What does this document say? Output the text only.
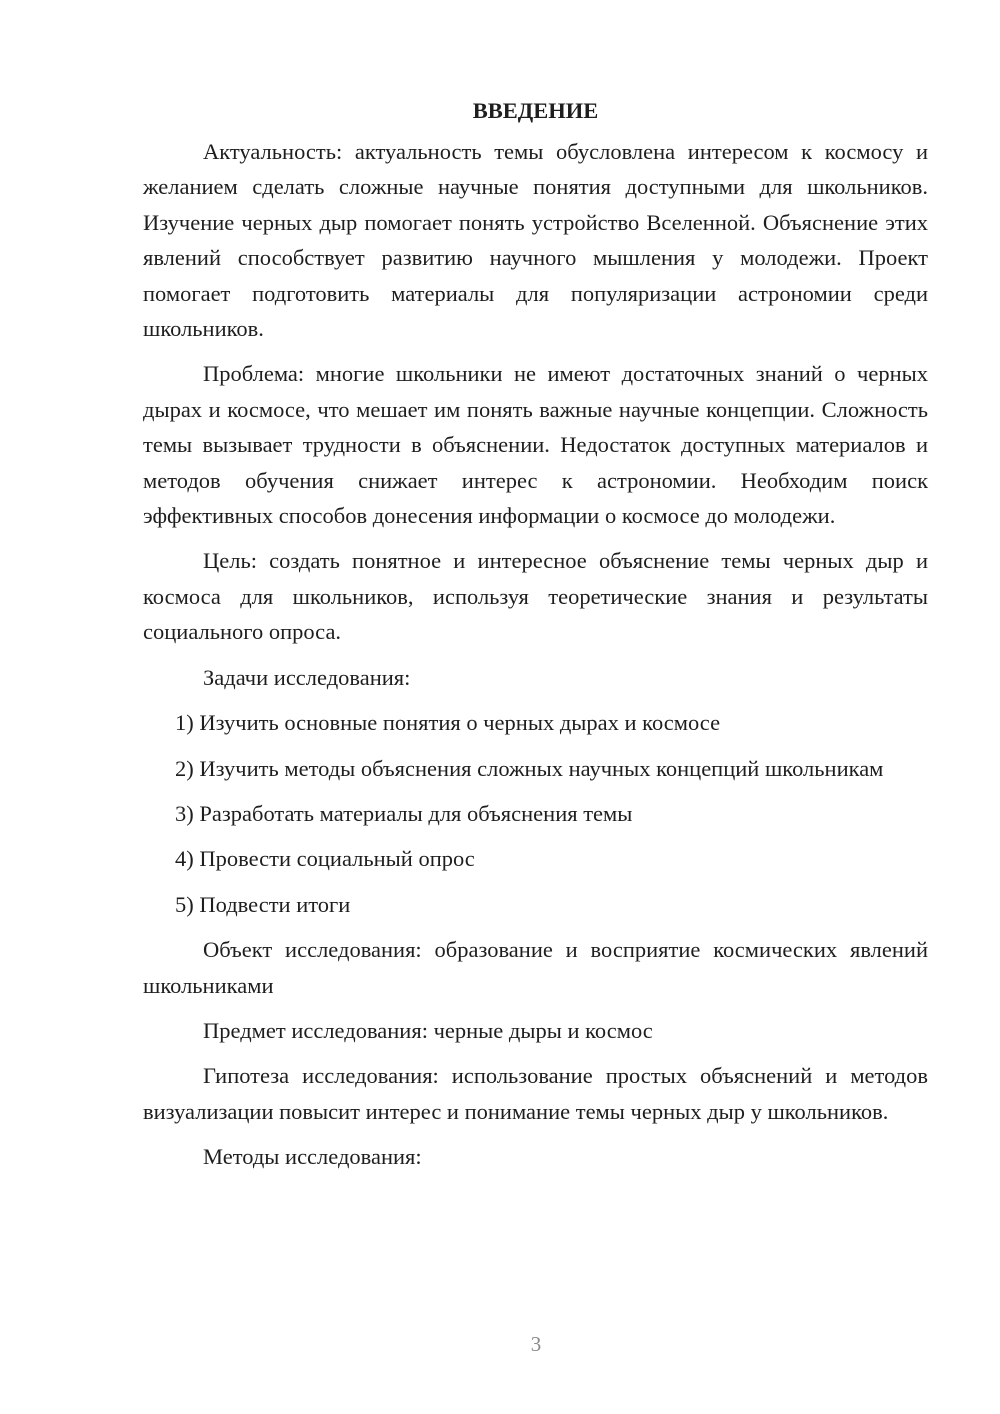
ВВЕДЕНИЕ

Актуальность: актуальность темы обусловлена интересом к космосу и желанием сделать сложные научные понятия доступными для школьников. Изучение черных дыр помогает понять устройство Вселенной. Объяснение этих явлений способствует развитию научного мышления у молодежи. Проект помогает подготовить материалы для популяризации астрономии среди школьников.

Проблема: многие школьники не имеют достаточных знаний о черных дырах и космосе, что мешает им понять важные научные концепции. Сложность темы вызывает трудности в объяснении. Недостаток доступных материалов и методов обучения снижает интерес к астрономии. Необходим поиск эффективных способов донесения информации о космосе до молодежи.

Цель: создать понятное и интересное объяснение темы черных дыр и космоса для школьников, используя теоретические знания и результаты социального опроса.

Задачи исследования:

1) Изучить основные понятия о черных дырах и космосе

2) Изучить методы объяснения сложных научных концепций школьникам

3) Разработать материалы для объяснения темы

4) Провести социальный опрос

5) Подвести итоги

Объект исследования: образование и восприятие космических явлений школьниками

Предмет исследования: черные дыры и космос

Гипотеза исследования: использование простых объяснений и методов визуализации повысит интерес и понимание темы черных дыр у школьников.

Методы исследования:

3
